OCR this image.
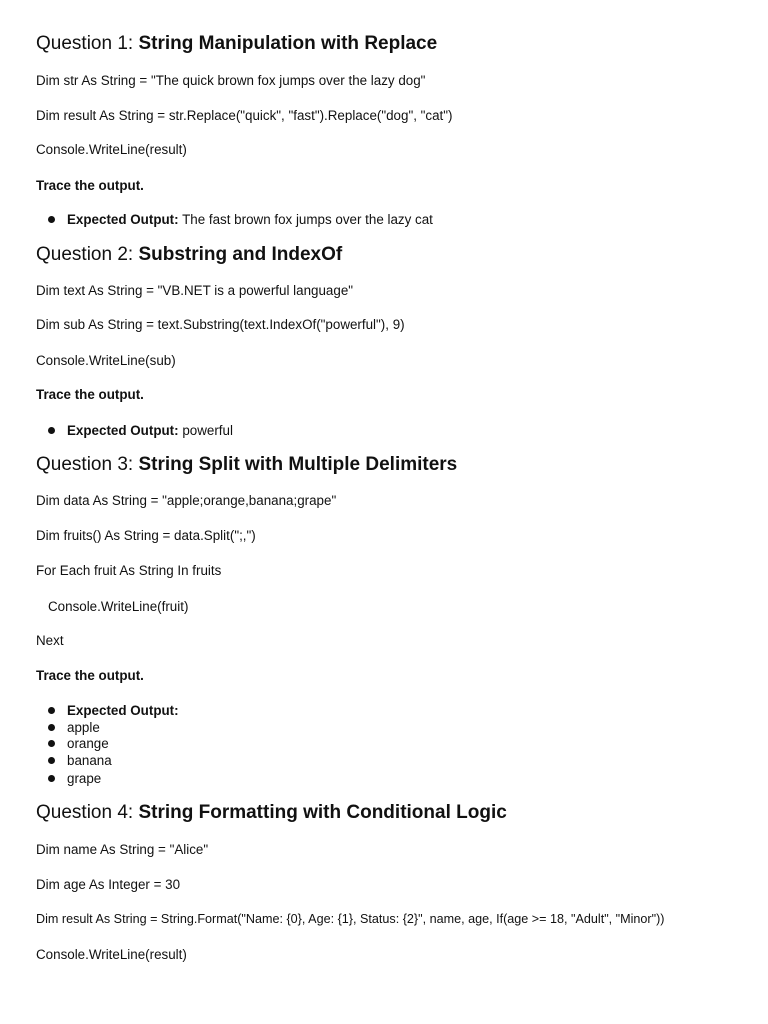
Question 1: String Manipulation with Replace

Dim str As String = "The quick brown fox jumps over the lazy dog"

Dim result As String = str.Replace("quick", "fast").Replace("dog", "cat")

Console.WriteLine(result)

Trace the output.

Expected Output: The fast brown fox jumps over the lazy cat

Question 2: Substring and IndexOf

Dim text As String = "VB.NET is a powerful language"

Dim sub As String = text.Substring(text.IndexOf("powerful"), 9)

Console.WriteLine(sub)

Trace the output.

Expected Output: powerful

Question 3: String Split with Multiple Delimiters

Dim data As String = "apple;orange,banana;grape"

Dim fruits() As String = data.Split(";,")

For Each fruit As String In fruits

Console.WriteLine(fruit)

Next

Trace the output.

Expected Output:

apple

orange

banana

grape

Question 4: String Formatting with Conditional Logic

Dim name As String = "Alice"

Dim age As Integer = 30

Dim result As String = String.Format("Name: {0}, Age: {1}, Status: {2}", name, age, If(age >= 18, "Adult", "Minor"))

Console.WriteLine(result)
